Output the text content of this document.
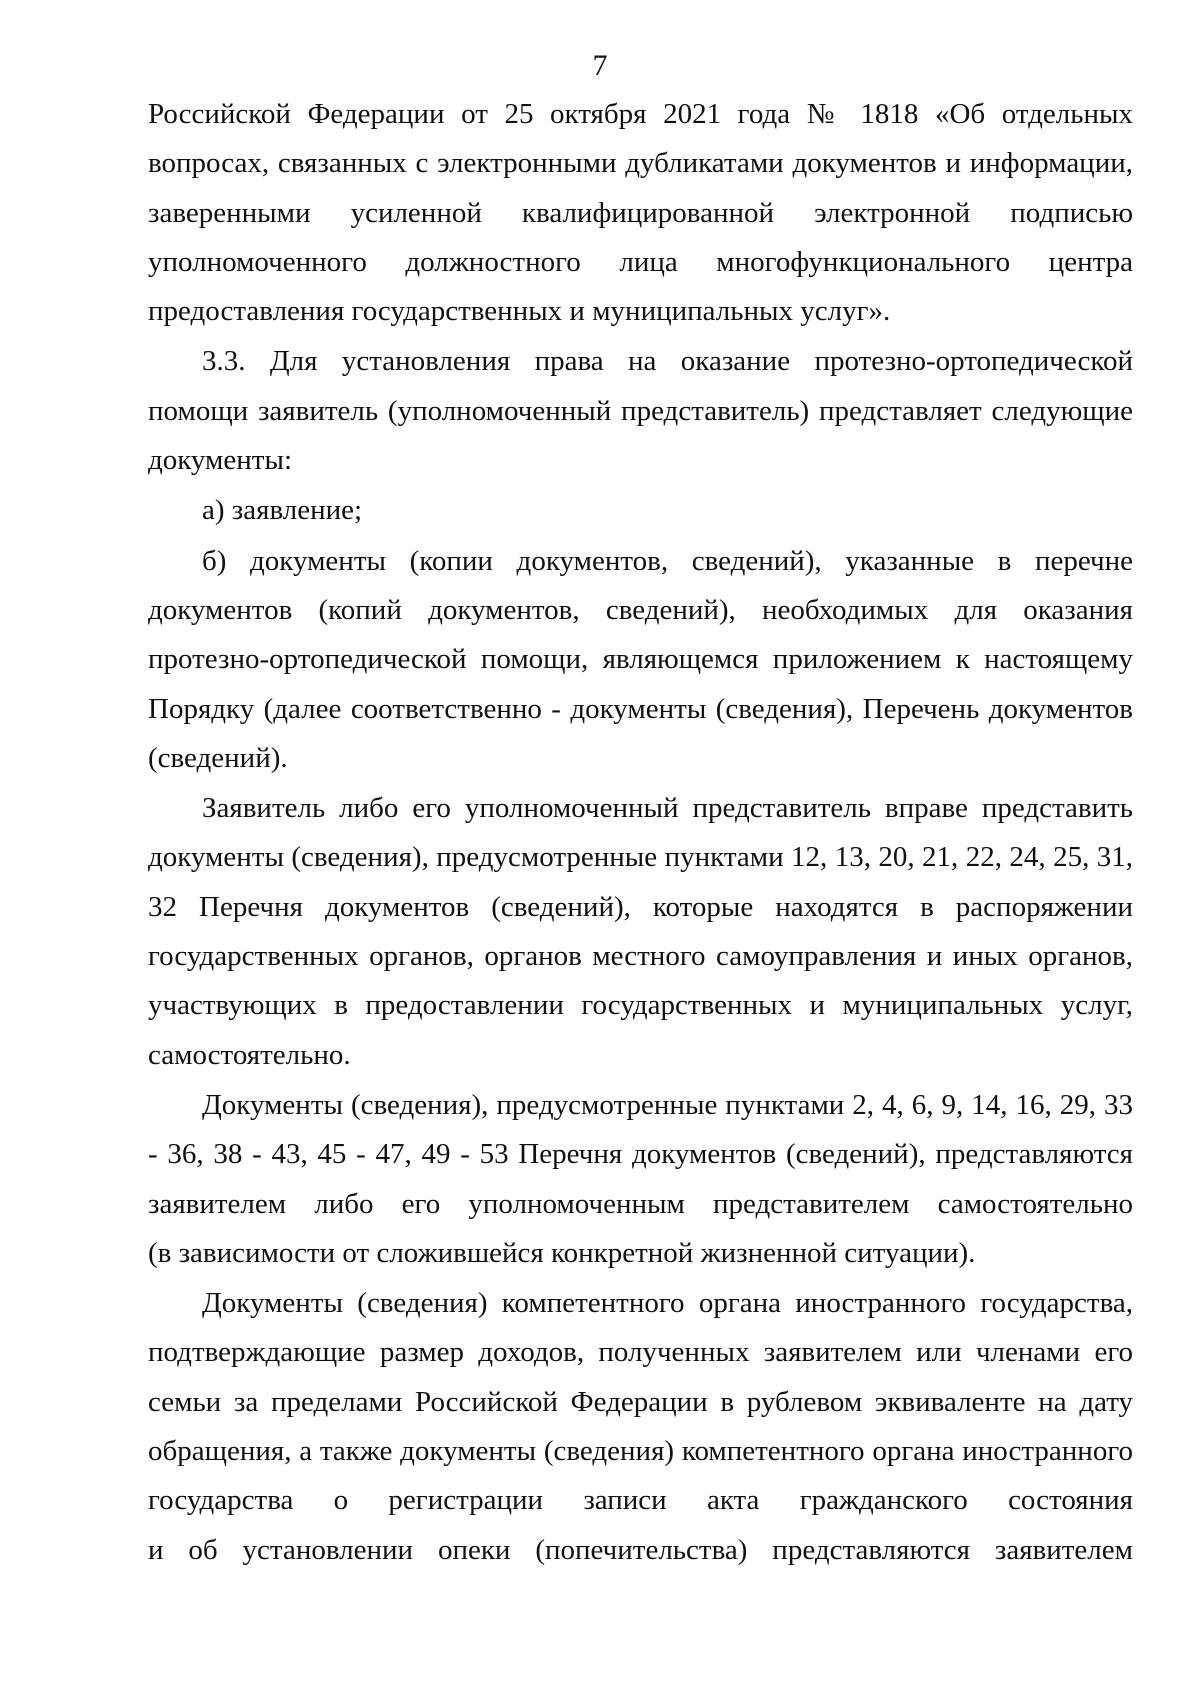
7
Российской Федерации от 25 октября 2021 года № 1818 «Об отдельных
вопросах, связанных с электронными дубликатами документов и информации,
заверенными усиленной квалифицированной электронной подписью
уполномоченного должностного лица многофункционального центра
предоставления государственных и муниципальных услуг».
3.3. Для установления права на оказание протезно-ортопедической
помощи заявитель (уполномоченный представитель) представляет следующие
документы:
а) заявление;
б) документы (копии документов, сведений), указанные в перечне
документов (копий документов, сведений), необходимых для оказания
протезно-ортопедической помощи, являющемся приложением к настоящему
Порядку (далее соответственно - документы (сведения), Перечень документов
(сведений).
Заявитель либо его уполномоченный представитель вправе представить
документы (сведения), предусмотренные пунктами 12, 13, 20, 21, 22, 24, 25, 31,
32 Перечня документов (сведений), которые находятся в распоряжении
государственных органов, органов местного самоуправления и иных органов,
участвующих в предоставлении государственных и муниципальных услуг,
самостоятельно.
Документы (сведения), предусмотренные пунктами 2, 4, 6, 9, 14, 16, 29, 33
- 36, 38 - 43, 45 - 47, 49 - 53 Перечня документов (сведений), представляются
заявителем либо его уполномоченным представителем самостоятельно
(в зависимости от сложившейся конкретной жизненной ситуации).
Документы (сведения) компетентного органа иностранного государства,
подтверждающие размер доходов, полученных заявителем или членами его
семьи за пределами Российской Федерации в рублевом эквиваленте на дату
обращения, а также документы (сведения) компетентного органа иностранного
государства о регистрации записи акта гражданского состояния
и об установлении опеки (попечительства) представляются заявителем
